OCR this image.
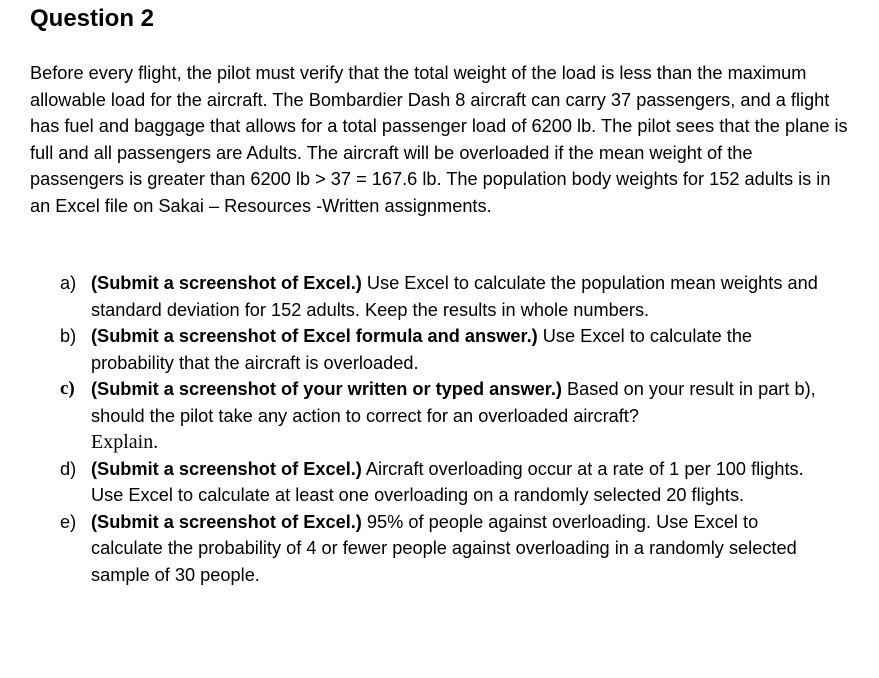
Question 2

Before every flight, the pilot must verify that the total weight of the load is less than the maximum allowable load for the aircraft. The Bombardier Dash 8 aircraft can carry 37 passengers, and a flight has fuel and baggage that allows for a total passenger load of 6200 lb. The pilot sees that the plane is full and all passengers are Adults. The aircraft will be overloaded if the mean weight of the passengers is greater than 6200 lb > 37 = 167.6 lb. The population body weights for 152 adults is in an Excel file on Sakai – Resources -Written assignments.

a) (Submit a screenshot of Excel.) Use Excel to calculate the population mean weights and standard deviation for 152 adults. Keep the results in whole numbers.
b) (Submit a screenshot of Excel formula and answer.) Use Excel to calculate the probability that the aircraft is overloaded.
c) (Submit a screenshot of your written or typed answer.) Based on your result in part b), should the pilot take any action to correct for an overloaded aircraft?
Explain.
d) (Submit a screenshot of Excel.) Aircraft overloading occur at a rate of 1 per 100 flights. Use Excel to calculate at least one overloading on a randomly selected 20 flights.
e) (Submit a screenshot of Excel.) 95% of people against overloading. Use Excel to calculate the probability of 4 or fewer people against overloading in a randomly selected sample of 30 people.
